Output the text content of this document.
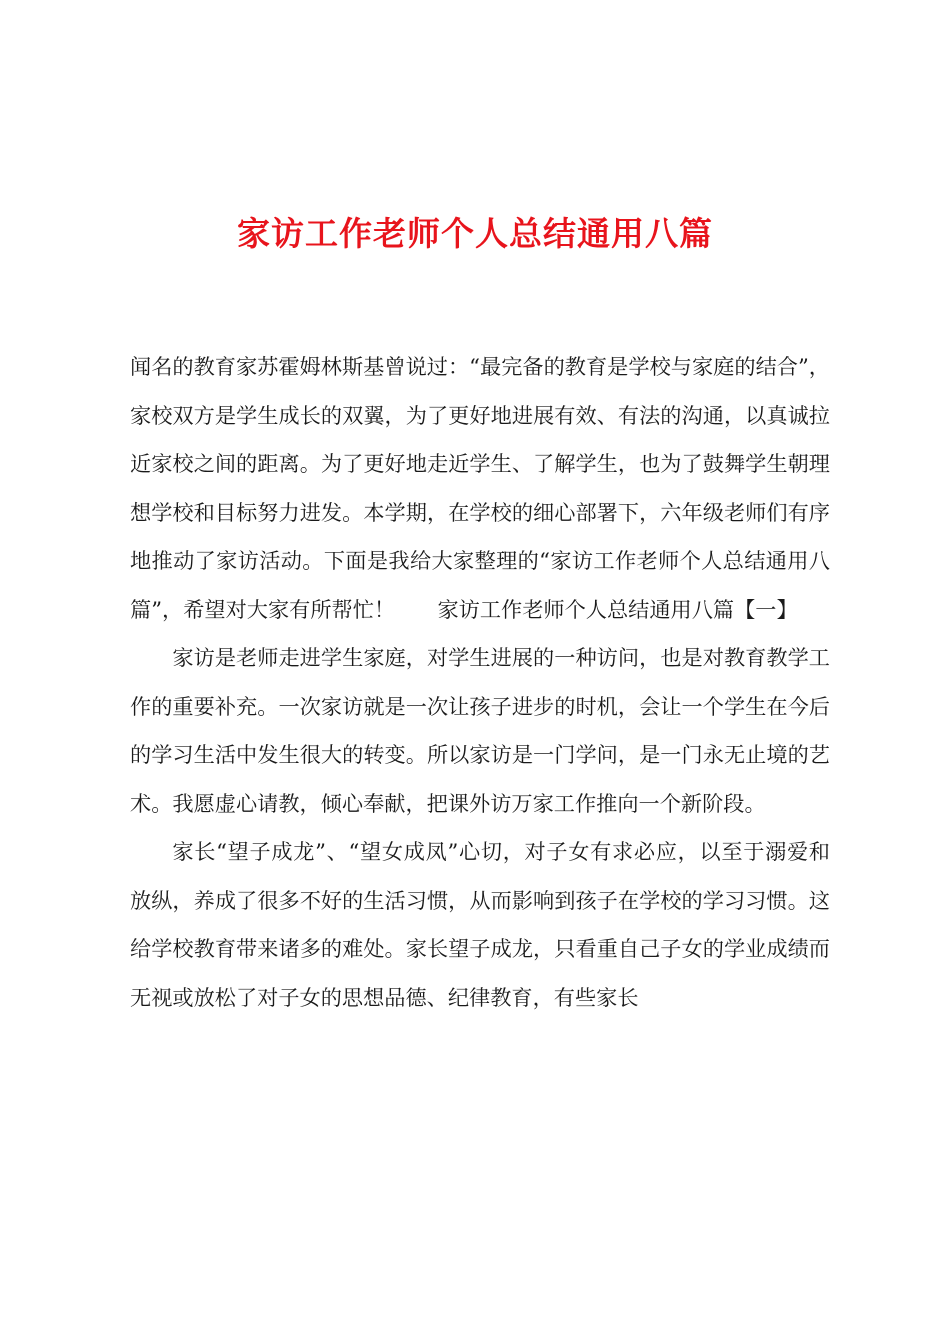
家访工作老师个人总结通用八篇

闻名的教育家苏霍姆林斯基曾说过：“最完备的教育是学校与家庭的结合”，家校双方是学生成长的双翼，为了更好地进展有效、有法的沟通，以真诚拉近家校之间的距离。为了更好地走近学生、了解学生，也为了鼓舞学生朝理想学校和目标努力进发。本学期，在学校的细心部署下，六年级老师们有序地推动了家访活动。下面是我给大家整理的“家访工作老师个人总结通用八篇”，希望对大家有所帮忙！　　家访工作老师个人总结通用八篇【一】

家访是老师走进学生家庭，对学生进展的一种访问，也是对教育教学工作的重要补充。一次家访就是一次让孩子进步的时机，会让一个学生在今后的学习生活中发生很大的转变。所以家访是一门学问，是一门永无止境的艺术。我愿虚心请教，倾心奉献，把课外访万家工作推向一个新阶段。

家长“望子成龙”、“望女成凤”心切，对子女有求必应，以至于溺爱和放纵，养成了很多不好的生活习惯，从而影响到孩子在学校的学习习惯。这给学校教育带来诸多的难处。家长望子成龙，只看重自己子女的学业成绩而无视或放松了对子女的思想品德、纪律教育，有些家长
